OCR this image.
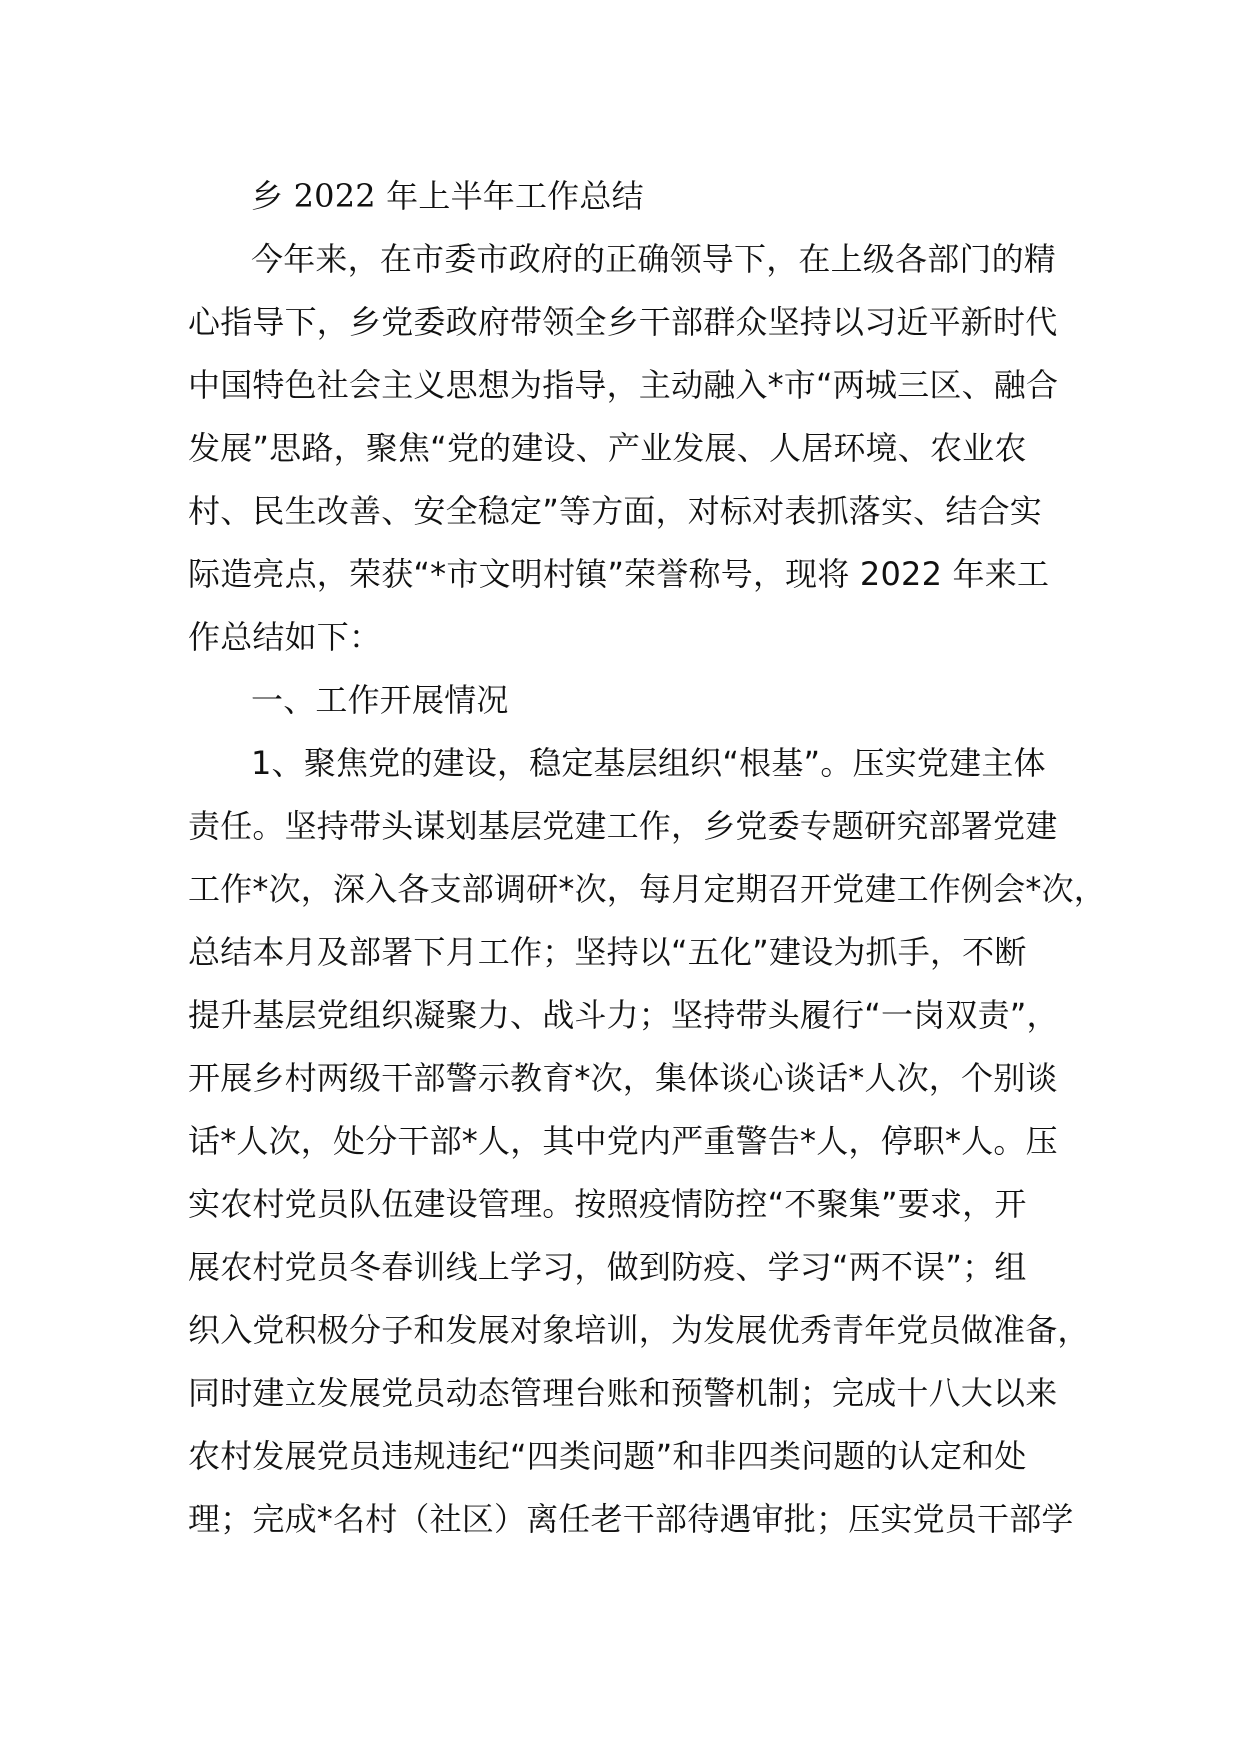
乡 2022 年上半年工作总结
今年来，在市委市政府的正确领导下，在上级各部门的精
心指导下，乡党委政府带领全乡干部群众坚持以习近平新时代
中国特色社会主义思想为指导，主动融入*市“两城三区、融合
发展”思路，聚焦“党的建设、产业发展、人居环境、农业农
村、民生改善、安全稳定”等方面，对标对表抓落实、结合实
际造亮点，荣获“*市文明村镇”荣誉称号，现将 2022 年来工
作总结如下：
一、工作开展情况
1、聚焦党的建设，稳定基层组织“根基”。压实党建主体
责任。坚持带头谋划基层党建工作，乡党委专题研究部署党建
工作*次，深入各支部调研*次，每月定期召开党建工作例会*次，
总结本月及部署下月工作；坚持以“五化”建设为抓手，不断
提升基层党组织凝聚力、战斗力；坚持带头履行“一岗双责”，
开展乡村两级干部警示教育*次，集体谈心谈话*人次，个别谈
话*人次，处分干部*人，其中党内严重警告*人，停职*人。压
实农村党员队伍建设管理。按照疫情防控“不聚集”要求，开
展农村党员冬春训线上学习，做到防疫、学习“两不误”；组
织入党积极分子和发展对象培训，为发展优秀青年党员做准备，
同时建立发展党员动态管理台账和预警机制；完成十八大以来
农村发展党员违规违纪“四类问题”和非四类问题的认定和处
理；完成*名村（社区）离任老干部待遇审批；压实党员干部学
